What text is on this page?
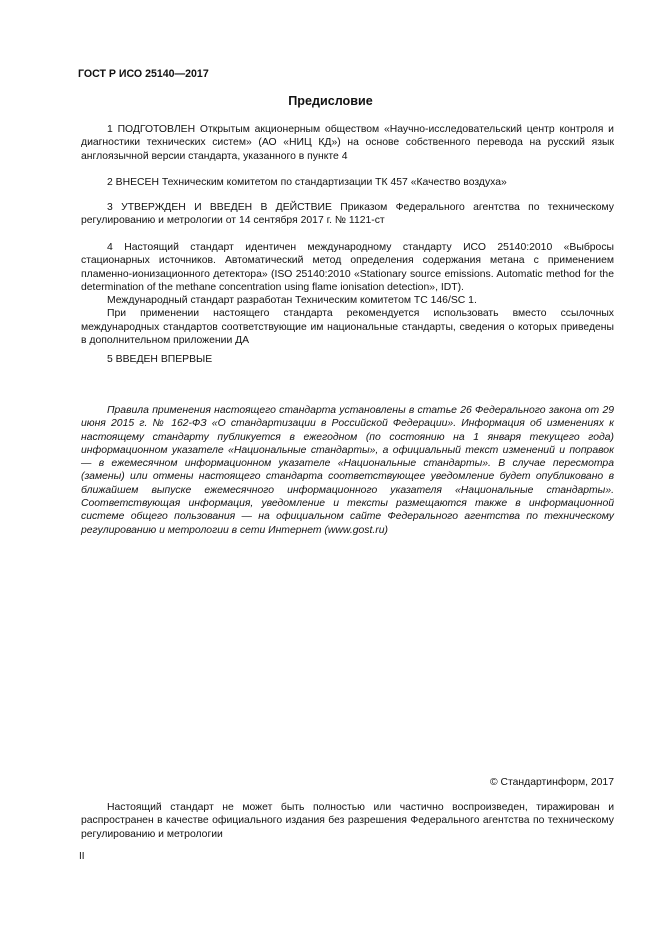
ГОСТ Р ИСО 25140—2017
Предисловие
1 ПОДГОТОВЛЕН Открытым акционерным обществом «Научно-исследовательский центр контроля и диагностики технических систем» (АО «НИЦ КД») на основе собственного перевода на русский язык англоязычной версии стандарта, указанного в пункте 4
2 ВНЕСЕН Техническим комитетом по стандартизации ТК 457 «Качество воздуха»
3 УТВЕРЖДЕН И ВВЕДЕН В ДЕЙСТВИЕ Приказом Федерального агентства по техническому регулированию и метрологии от 14 сентября 2017 г. № 1121-ст

4 Настоящий стандарт идентичен международному стандарту ИСО 25140:2010 «Выбросы стационарных источников. Автоматический метод определения содержания метана с применением пламенно-ионизационного детектора» (ISO 25140:2010 «Stationary source emissions. Automatic method for the determination of the methane concentration using flame ionisation detection», IDT).

Международный стандарт разработан Техническим комитетом ТС 146/SC 1.

При применении настоящего стандарта рекомендуется использовать вместо ссылочных международных стандартов соответствующие им национальные стандарты, сведения о которых приведены в дополнительном приложении ДА

5 ВВЕДЕН ВПЕРВЫЕ
Правила применения настоящего стандарта установлены в статье 26 Федерального закона от 29 июня 2015 г. № 162-ФЗ «О стандартизации в Российской Федерации». Информация об изменениях к настоящему стандарту публикуется в ежегодном (по состоянию на 1 января текущего года) информационном указателе «Национальные стандарты», а официальный текст изменений и поправок — в ежемесячном информационном указателе «Национальные стандарты». В случае пересмотра (замены) или отмены настоящего стандарта соответствующее уведомление будет опубликовано в ближайшем выпуске ежемесячного информационного указателя «Национальные стандарты». Соответствующая информация, уведомление и тексты размещаются также в информационной системе общего пользования — на официальном сайте Федерального агентства по техническому регулированию и метрологии в сети Интернет (www.gost.ru)
© Стандартинформ, 2017
Настоящий стандарт не может быть полностью или частично воспроизведен, тиражирован и распространен в качестве официального издания без разрешения Федерального агентства по техническому регулированию и метрологии
II
